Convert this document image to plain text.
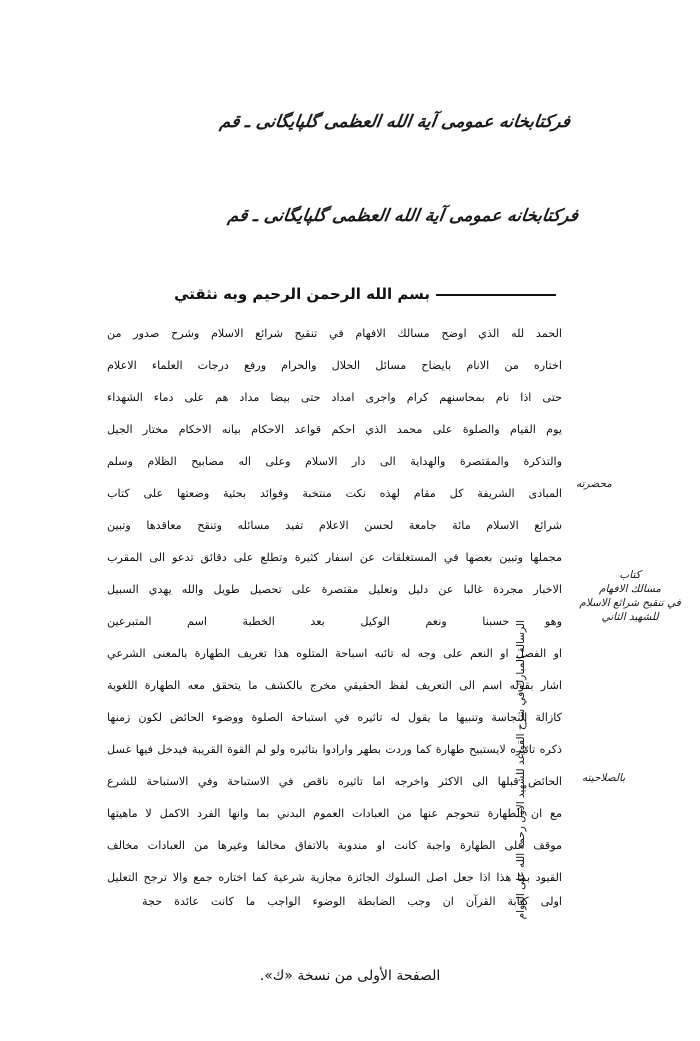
فرکتابخانه عمومی آیة الله العظمی گلپایگانی ـ قم
فرکتابخانه عمومی آیة الله العظمی گلپایگانی ـ قم
بسم الله الرحمن الرحيم وبه نثقتي
الحمد لله الذي اوضح مسالك الافهام في تنقيح شرائع الاسلام وشرح صدور من
اختاره من الانام بايضاح مسائل الحلال والحرام ورفع درجات العلماء الاعلام
حتى اذا نام بمحاسنهم كرام واجرى امداد حتى بيضا مداد هم على دماء الشهداء
يوم القيام والصلوة على محمد الذي احكم قواعد الاحكام بيانه الاحكام مختار الجيل
والتذكرة والمقتصرة والهداية الى دار الاسلام وعلى اله مصابيح الظلام وسلم
المبادى الشريفة كل مقام لهذه نكت منتخبة وفوائد بحثية وضعتها على كتاب
شرائع الاسلام مائة جامعة لحسن الاعلام تفيد مسائله وتنقح معاقدها وتبين
مجملها وتبين بعضها في المستغلقات عن اسفار كثيرة وتطلع على دقائق تدعو الى المقرب
الاخبار مجردة غالبا عن دليل وتعليل مقتصرة على تحصيل طويل والله يهدي السبيل
وهو حسبنا ونعم الوكيل بعد الخطبة اسم المتبرعين
او الفصل او النعم على وجه له تائبه اسباحة المتلوه هذا تعريف الطهارة بالمعنى الشرعي
اشار بقوله اسم الى التعريف لفظ الحقيقي مخرج بالكشف ما يتحقق معه الطهارة اللغوية
كازالة النجاسة وتنبيها ما يقول له تاثيره في استباحة الصلوة ووضوء الحائض لكون زمنها
ذكره تاثيره لايستبيح طهارة كما وردت بطهر وارادوا بتاثيره ولو لم القوة القريبة فيدخل فيها غسل
الحائض قبلها الى الاكثر واخرجه اما تاثيره ناقص في الاستباحة وفي الاستباحة للشرع
مع ان الطهارة تنحوجم عنها من العبادات العموم البدني بما وانها الفرد الاكمل لا ماهيتها
موقف على الطهارة واجبة كانت او مندوبة بالاتفاق مخالفا وغيرها من العبادات مخالف
القيود بما هذا اذا جعل اصل السلوك الجائزة مجازية شرعية كما اختاره جمع والا ترجح التعليل
اولى كتابة القرآن ان وجب الضابطة الوضوء الواجب ما كانت عائدة حجة
محضرته
كتاب
مسالك الافهام
في تنقيح شرائع الاسلام
للشهيد الثاني
بالصلاحيته
الرسالة المبارك في شرح القواعد للشهيد الاول رحمه الله على الدوام
الصفحة الأولى من نسخة «ك».
